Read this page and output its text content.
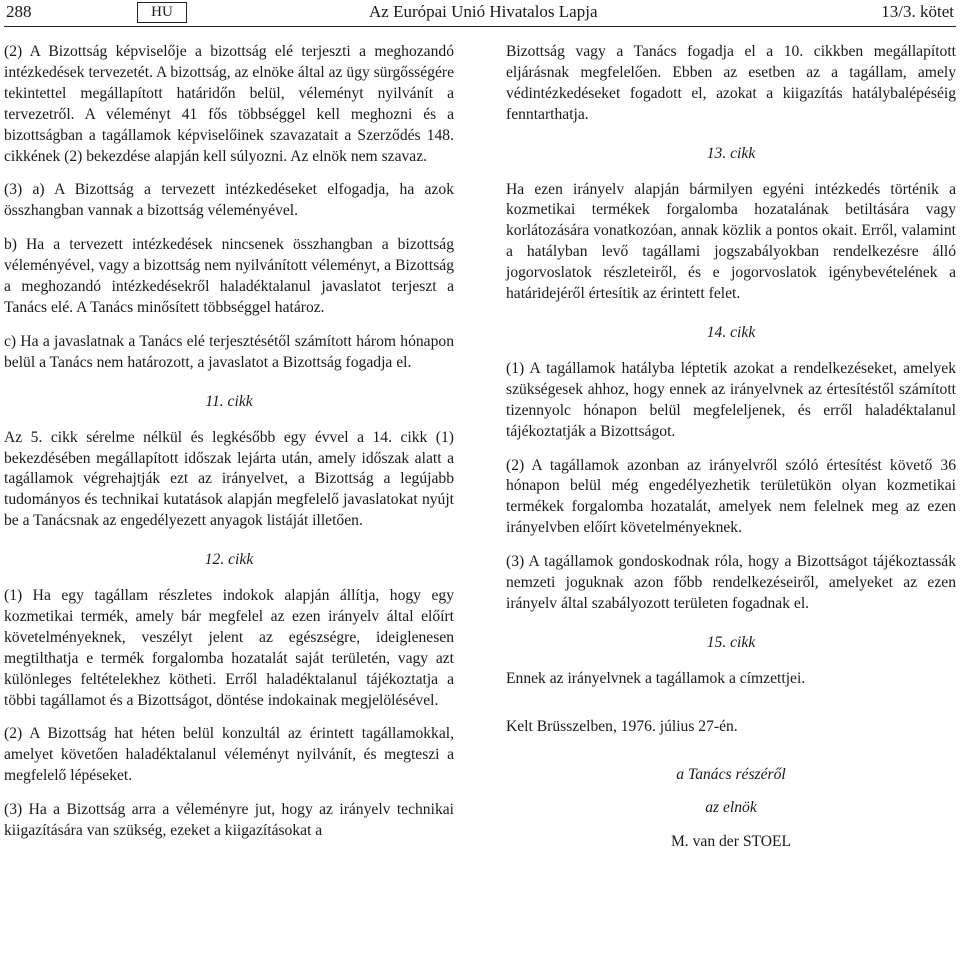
288	HU	Az Európai Unió Hivatalos Lapja	13/3. kötet

(2) A Bizottság képviselője a bizottság elé terjeszti a meghozandó intézkedések tervezetét. A bizottság, az elnöke által az ügy sürgősségére tekintettel megállapított határidőn belül, véleményt nyilvánít a tervezetről. A véleményt 41 fős többséggel kell meghozni és a bizottságban a tagállamok képviselőinek szavazatait a Szerződés 148. cikkének (2) bekezdése alapján kell súlyozni. Az elnök nem szavaz.

(3) a) A Bizottság a tervezett intézkedéseket elfogadja, ha azok összhangban vannak a bizottság véleményével.

b) Ha a tervezett intézkedések nincsenek összhangban a bizottság véleményével, vagy a bizottság nem nyilvánított véleményt, a Bizottság a meghozandó intézkedésekről haladéktalanul javaslatot terjeszt a Tanács elé. A Tanács minősített többséggel határoz.

c) Ha a javaslatnak a Tanács elé terjesztésétől számított három hónapon belül a Tanács nem határozott, a javaslatot a Bizottság fogadja el.

11. cikk

Az 5. cikk sérelme nélkül és legkésőbb egy évvel a 14. cikk (1) bekezdésében megállapított időszak lejárta után, amely időszak alatt a tagállamok végrehajtják ezt az irányelvet, a Bizottság a legújabb tudományos és technikai kutatások alapján megfelelő javaslatokat nyújt be a Tanácsnak az engedélyezett anyagok listáját illetően.

12. cikk

(1) Ha egy tagállam részletes indokok alapján állítja, hogy egy kozmetikai termék, amely bár megfelel az ezen irányelv által előírt követelményeknek, veszélyt jelent az egészségre, ideiglenesen megtilthatja e termék forgalomba hozatalát saját területén, vagy azt különleges feltételekhez kötheti. Erről haladéktalanul tájékoztatja a többi tagállamot és a Bizottságot, döntése indokainak megjelölésével.

(2) A Bizottság hat héten belül konzultál az érintett tagállamokkal, amelyet követően haladéktalanul véleményt nyilvánít, és megteszi a megfelelő lépéseket.

(3) Ha a Bizottság arra a véleményre jut, hogy az irányelv technikai kiigazítására van szükség, ezeket a kiigazításokat a

Bizottság vagy a Tanács fogadja el a 10. cikkben megállapított eljárásnak megfelelően. Ebben az esetben az a tagállam, amely védintézkedéseket fogadott el, azokat a kiigazítás hatálybalépéséig fenntarthatja.

13. cikk

Ha ezen irányelv alapján bármilyen egyéni intézkedés történik a kozmetikai termékek forgalomba hozatalának betiltására vagy korlátozására vonatkozóan, annak közlik a pontos okait. Erről, valamint a hatályban levő tagállami jogszabályokban rendelkezésre álló jogorvoslatok részleteiről, és e jogorvoslatok igénybevételének a határidejéről értesítik az érintett felet.

14. cikk

(1) A tagállamok hatályba léptetik azokat a rendelkezéseket, amelyek szükségesek ahhoz, hogy ennek az irányelvnek az értesítéstől számított tizennyolc hónapon belül megfeleljenek, és erről haladéktalanul tájékoztatják a Bizottságot.

(2) A tagállamok azonban az irányelvről szóló értesítést követő 36 hónapon belül még engedélyezhetik területükön olyan kozmetikai termékek forgalomba hozatalát, amelyek nem felelnek meg az ezen irányelvben előírt követelményeknek.

(3) A tagállamok gondoskodnak róla, hogy a Bizottságot tájékoztassák nemzeti joguknak azon főbb rendelkezéseiről, amelyeket az ezen irányelv által szabályozott területen fogadnak el.

15. cikk

Ennek az irányelvnek a tagállamok a címzettjei.

Kelt Brüsszelben, 1976. július 27-én.

a Tanács részéről

az elnök

M. van der STOEL
